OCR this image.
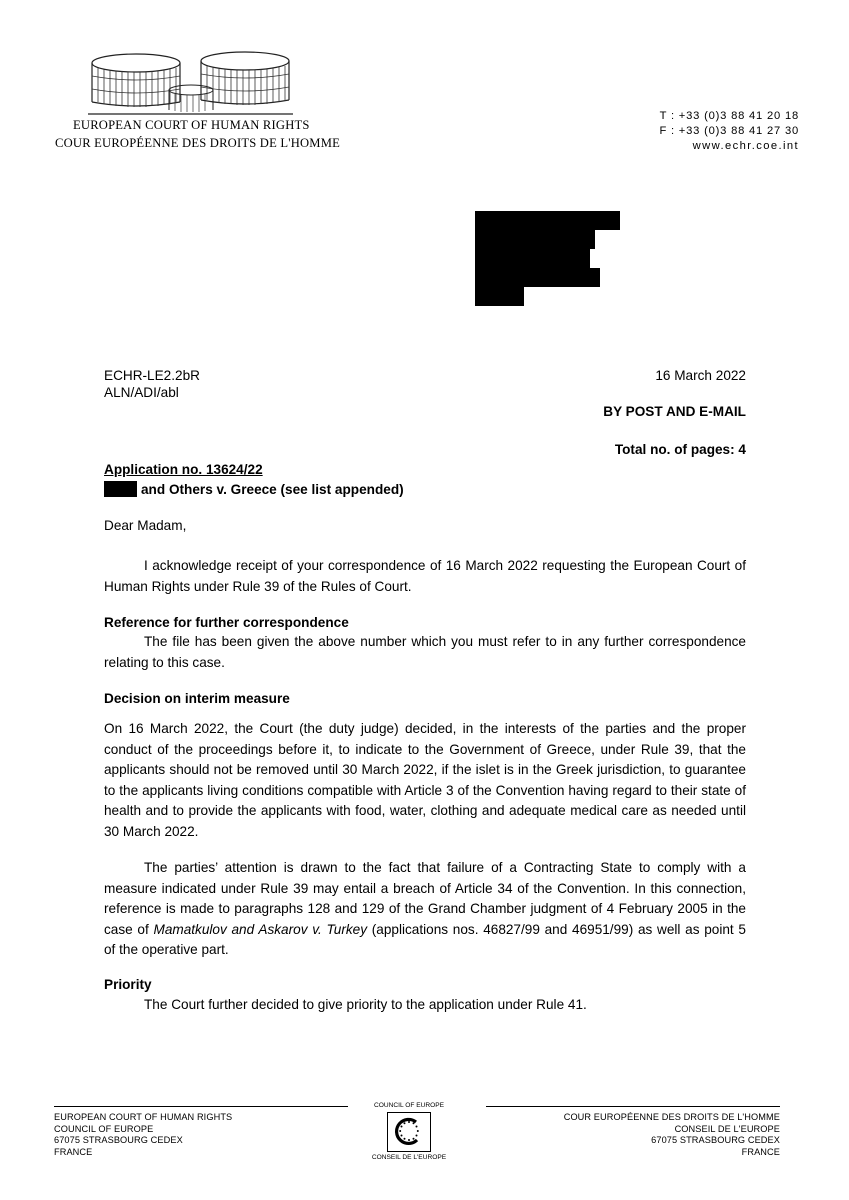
EUROPEAN COURT OF HUMAN RIGHTS
COUR EUROPÉENNE DES DROITS DE L'HOMME
T : +33 (0)3 88 41 20 18
F : +33 (0)3 88 41 27 30
www.echr.coe.int
ECHR-LE2.2bR
ALN/ADI/abl
16 March 2022
BY POST AND E-MAIL
Total no. of pages: 4
Application no. 13624/22
and Others v. Greece (see list appended)
Dear Madam,
I acknowledge receipt of your correspondence of 16 March 2022 requesting the European Court of Human Rights under Rule 39 of the Rules of Court.
Reference for further correspondence
The file has been given the above number which you must refer to in any further correspondence relating to this case.
Decision on interim measure
On 16 March 2022, the Court (the duty judge) decided, in the interests of the parties and the proper conduct of the proceedings before it, to indicate to the Government of Greece, under Rule 39, that the applicants should not be removed until 30 March 2022, if the islet is in the Greek jurisdiction, to guarantee to the applicants living conditions compatible with Article 3 of the Convention having regard to their state of health and to provide the applicants with food, water, clothing and adequate medical care as needed until 30 March 2022.
The parties’ attention is drawn to the fact that failure of a Contracting State to comply with a measure indicated under Rule 39 may entail a breach of Article 34 of the Convention. In this connection, reference is made to paragraphs 128 and 129 of the Grand Chamber judgment of 4 February 2005 in the case of Mamatkulov and Askarov v. Turkey (applications nos. 46827/99 and 46951/99) as well as point 5 of the operative part.
Priority
The Court further decided to give priority to the application under Rule 41.
EUROPEAN COURT OF HUMAN RIGHTS
COUNCIL OF EUROPE
67075 STRASBOURG CEDEX
FRANCE
COUNCIL OF EUROPE
CONSEIL DE L'EUROPE
COUR EUROPÉENNE DES DROITS DE L'HOMME
CONSEIL DE L'EUROPE
67075 STRASBOURG CEDEX
FRANCE
